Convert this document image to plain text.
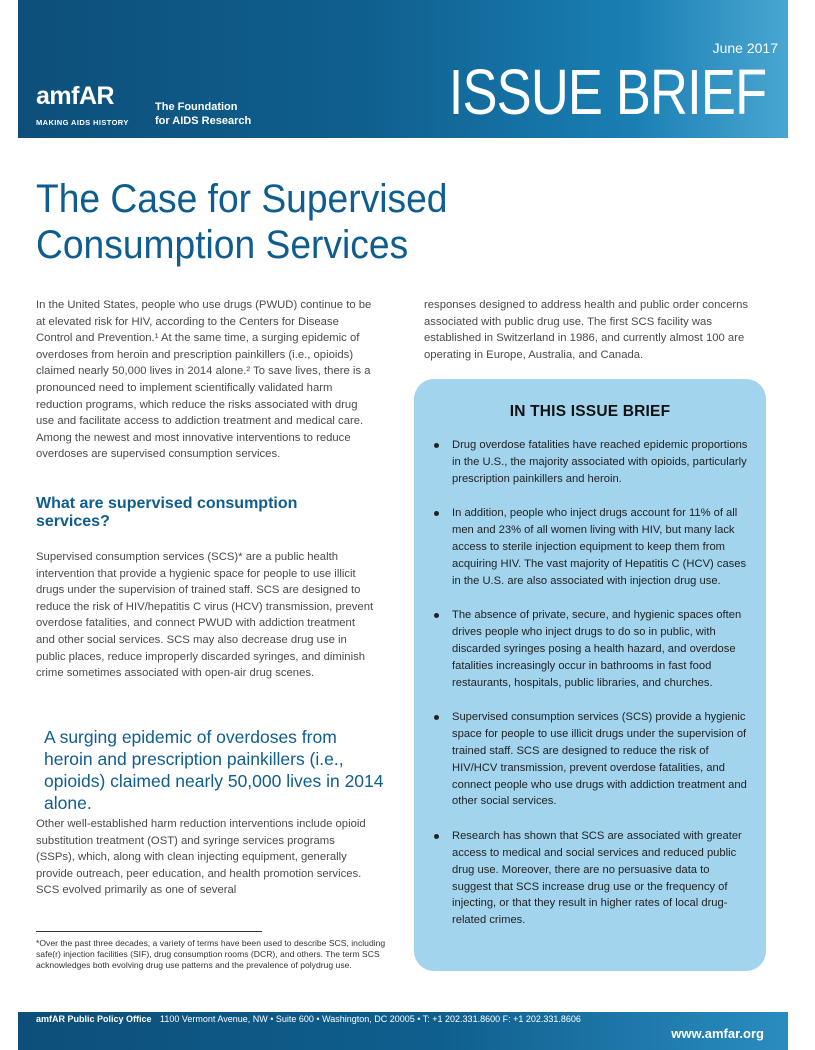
amfAR
MAKING AIDS HISTORY
The Foundation
for AIDS Research
June 2017
ISSUE BRIEF
The Case for Supervised Consumption Services

In the United States, people who use drugs (PWUD) continue to be at elevated risk for HIV, according to the Centers for Disease Control and Prevention.¹ At the same time, a surging epidemic of overdoses from heroin and prescription painkillers (i.e., opioids) claimed nearly 50,000 lives in 2014 alone.² To save lives, there is a pronounced need to implement scientifically validated harm reduction programs, which reduce the risks associated with drug use and facilitate access to addiction treatment and medical care. Among the newest and most innovative interventions to reduce overdoses are supervised consumption services.

What are supervised consumption services?

Supervised consumption services (SCS)* are a public health intervention that provide a hygienic space for people to use illicit drugs under the supervision of trained staff. SCS are designed to reduce the risk of HIV/hepatitis C virus (HCV) transmission, prevent overdose fatalities, and connect PWUD with addiction treatment and other social services. SCS may also decrease drug use in public places, reduce improperly discarded syringes, and diminish crime sometimes associated with open-air drug scenes.

A surging epidemic of overdoses from heroin and prescription painkillers (i.e., opioids) claimed nearly 50,000 lives in 2014 alone.

Other well-established harm reduction interventions include opioid substitution treatment (OST) and syringe services programs (SSPs), which, along with clean injecting equipment, generally provide outreach, peer education, and health promotion services. SCS evolved primarily as one of several

*Over the past three decades, a variety of terms have been used to describe SCS, including safe(r) injection facilities (SIF), drug consumption rooms (DCR), and others. The term SCS acknowledges both evolving drug use patterns and the prevalence of polydrug use.

responses designed to address health and public order concerns associated with public drug use. The first SCS facility was established in Switzerland in 1986, and currently almost 100 are operating in Europe, Australia, and Canada.

IN THIS ISSUE BRIEF
Drug overdose fatalities have reached epidemic proportions in the U.S., the majority associated with opioids, particularly prescription painkillers and heroin.
In addition, people who inject drugs account for 11% of all men and 23% of all women living with HIV, but many lack access to sterile injection equipment to keep them from acquiring HIV. The vast majority of Hepatitis C (HCV) cases in the U.S. are also associated with injection drug use.
The absence of private, secure, and hygienic spaces often drives people who inject drugs to do so in public, with discarded syringes posing a health hazard, and overdose fatalities increasingly occur in bathrooms in fast food restaurants, hospitals, public libraries, and churches.
Supervised consumption services (SCS) provide a hygienic space for people to use illicit drugs under the supervision of trained staff. SCS are designed to reduce the risk of HIV/HCV transmission, prevent overdose fatalities, and connect people who use drugs with addiction treatment and other social services.
Research has shown that SCS are associated with greater access to medical and social services and reduced public drug use. Moreover, there are no persuasive data to suggest that SCS increase drug use or the frequency of injecting, or that they result in higher rates of local drug-related crimes.
amfAR Public Policy Office 1100 Vermont Avenue, NW • Suite 600 • Washington, DC 20005 • T: +1 202.331.8600 F: +1 202.331.8606
www.amfar.org
